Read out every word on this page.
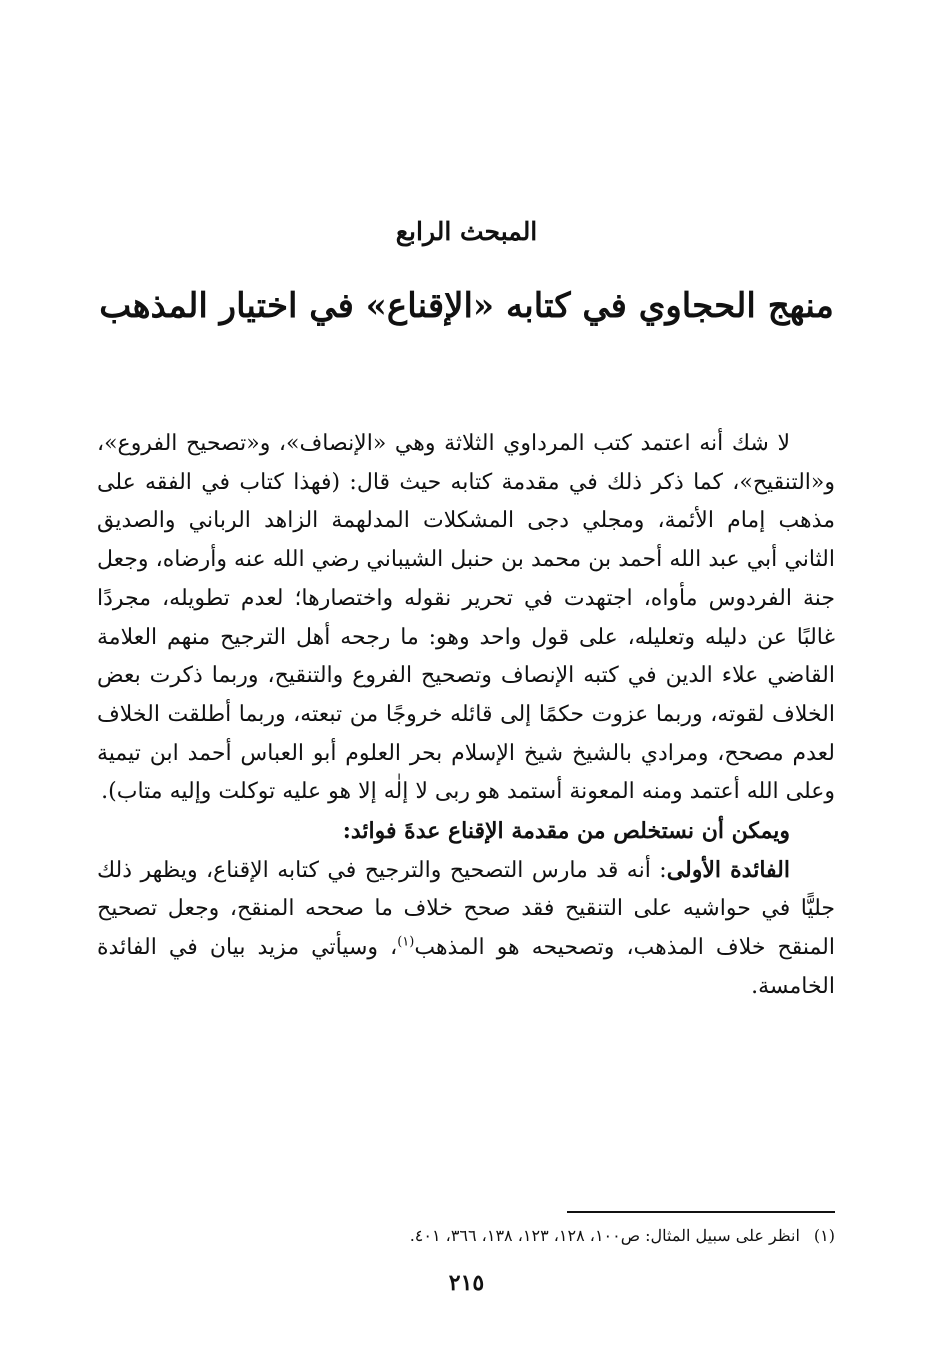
المبحث الرابع
منهج الحجاوي في كتابه «الإقناع» في اختيار المذهب

لا شك أنه اعتمد كتب المرداوي الثلاثة وهي «الإنصاف»، و«تصحيح الفروع»، و«التنقيح»، كما ذكر ذلك في مقدمة كتابه حيث قال: (فهذا كتاب في الفقه على مذهب إمام الأئمة، ومجلي دجى المشكلات المدلهمة الزاهد الرباني والصديق الثاني أبي عبد الله أحمد بن محمد بن حنبل الشيباني رضي الله عنه وأرضاه، وجعل جنة الفردوس مأواه، اجتهدت في تحرير نقوله واختصارها؛ لعدم تطويله، مجردًا غالبًا عن دليله وتعليله، على قول واحد وهو: ما رجحه أهل الترجيح منهم العلامة القاضي علاء الدين في كتبه الإنصاف وتصحيح الفروع والتنقيح، وربما ذكرت بعض الخلاف لقوته، وربما عزوت حكمًا إلى قائله خروجًا من تبعته، وربما أطلقت الخلاف لعدم مصحح، ومرادي بالشيخ شيخ الإسلام بحر العلوم أبو العباس أحمد ابن تيمية وعلى الله أعتمد ومنه المعونة أستمد هو ربى لا إلٰه إلا هو عليه توكلت وإليه متاب).

ويمكن أن نستخلص من مقدمة الإقناع عدةَ فوائد:

الفائدة الأولى: أنه قد مارس التصحيح والترجيح في كتابه الإقناع، ويظهر ذلك جليًّا في حواشيه على التنقيح فقد صحح خلاف ما صححه المنقح، وجعل تصحيح المنقح خلاف المذهب، وتصحيحه هو المذهب$^{(١)}$، وسيأتي مزيد بيان في الفائدة الخامسة.

(١)انظر على سبيل المثال: ص١٠٠، ١٢٨، ١٢٣، ١٣٨، ٣٦٦، ٤٠١.
٢١٥
